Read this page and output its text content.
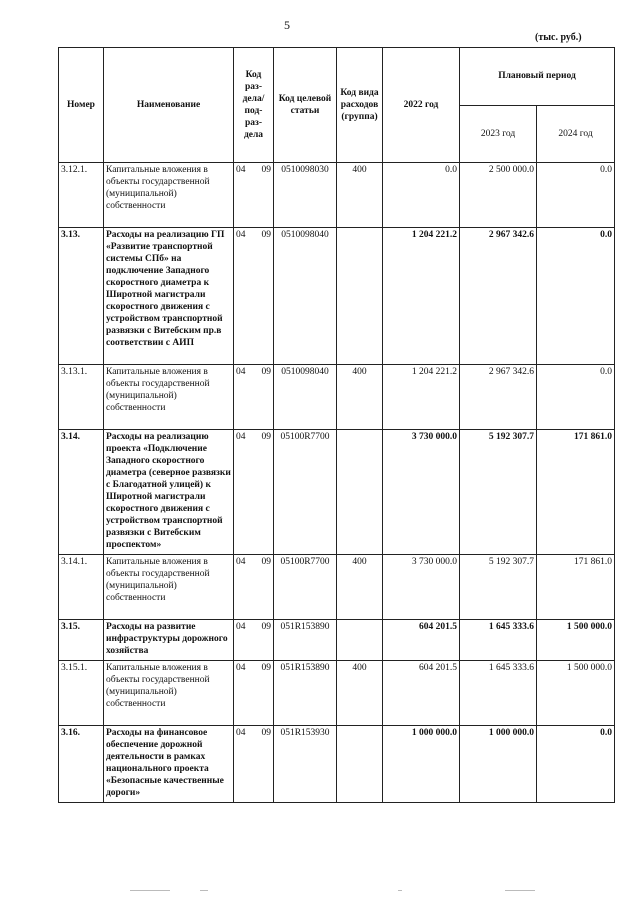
5
(тыс. руб.)
Номер	Наименование	Код раз- дела/ под- раз- дела	Код целевой статьи	Код вида расходов (группа)	2022 год	Плановый период	
						2023 год	2024 год
3.12.1.	Капитальные вложения в объекты государственной (муниципальной) собственности	04 09	0510098030	400	0.0	2 500 000.0	0.0
3.13.	Расходы на реализацию ГП «Развитие транспортной системы СПб» на подключение Западного скоростного диаметра к Широтной магистрали скоростного движения с устройством транспортной развязки с Витебским пр.в соответствии с АИП	04 09	0510098040		1 204 221.2	2 967 342.6	0.0
3.13.1.	Капитальные вложения в объекты государственной (муниципальной) собственности	04 09	0510098040	400	1 204 221.2	2 967 342.6	0.0
3.14.	Расходы на реализацию проекта «Подключение Западного скоростного диаметра (северное развязки с Благодатной улицей) к Широтной магистрали скоростного движения с устройством транспортной развязки с Витебским проспектом»	04 09	05100R7700		3 730 000.0	5 192 307.7	171 861.0
3.14.1.	Капитальные вложения в объекты государственной (муниципальной) собственности	04 09	05100R7700	400	3 730 000.0	5 192 307.7	171 861.0
3.15.	Расходы на развитие инфраструктуры дорожного хозяйства	04 09	051R153890		604 201.5	1 645 333.6	1 500 000.0
3.15.1.	Капитальные вложения в объекты государственной (муниципальной) собственности	04 09	051R153890	400	604 201.5	1 645 333.6	1 500 000.0
3.16.	Расходы на финансовое обеспечение дорожной деятельности в рамках национального проекта «Безопасные качественные дороги»	04 09	051R153930		1 000 000.0	1 000 000.0	0.0
